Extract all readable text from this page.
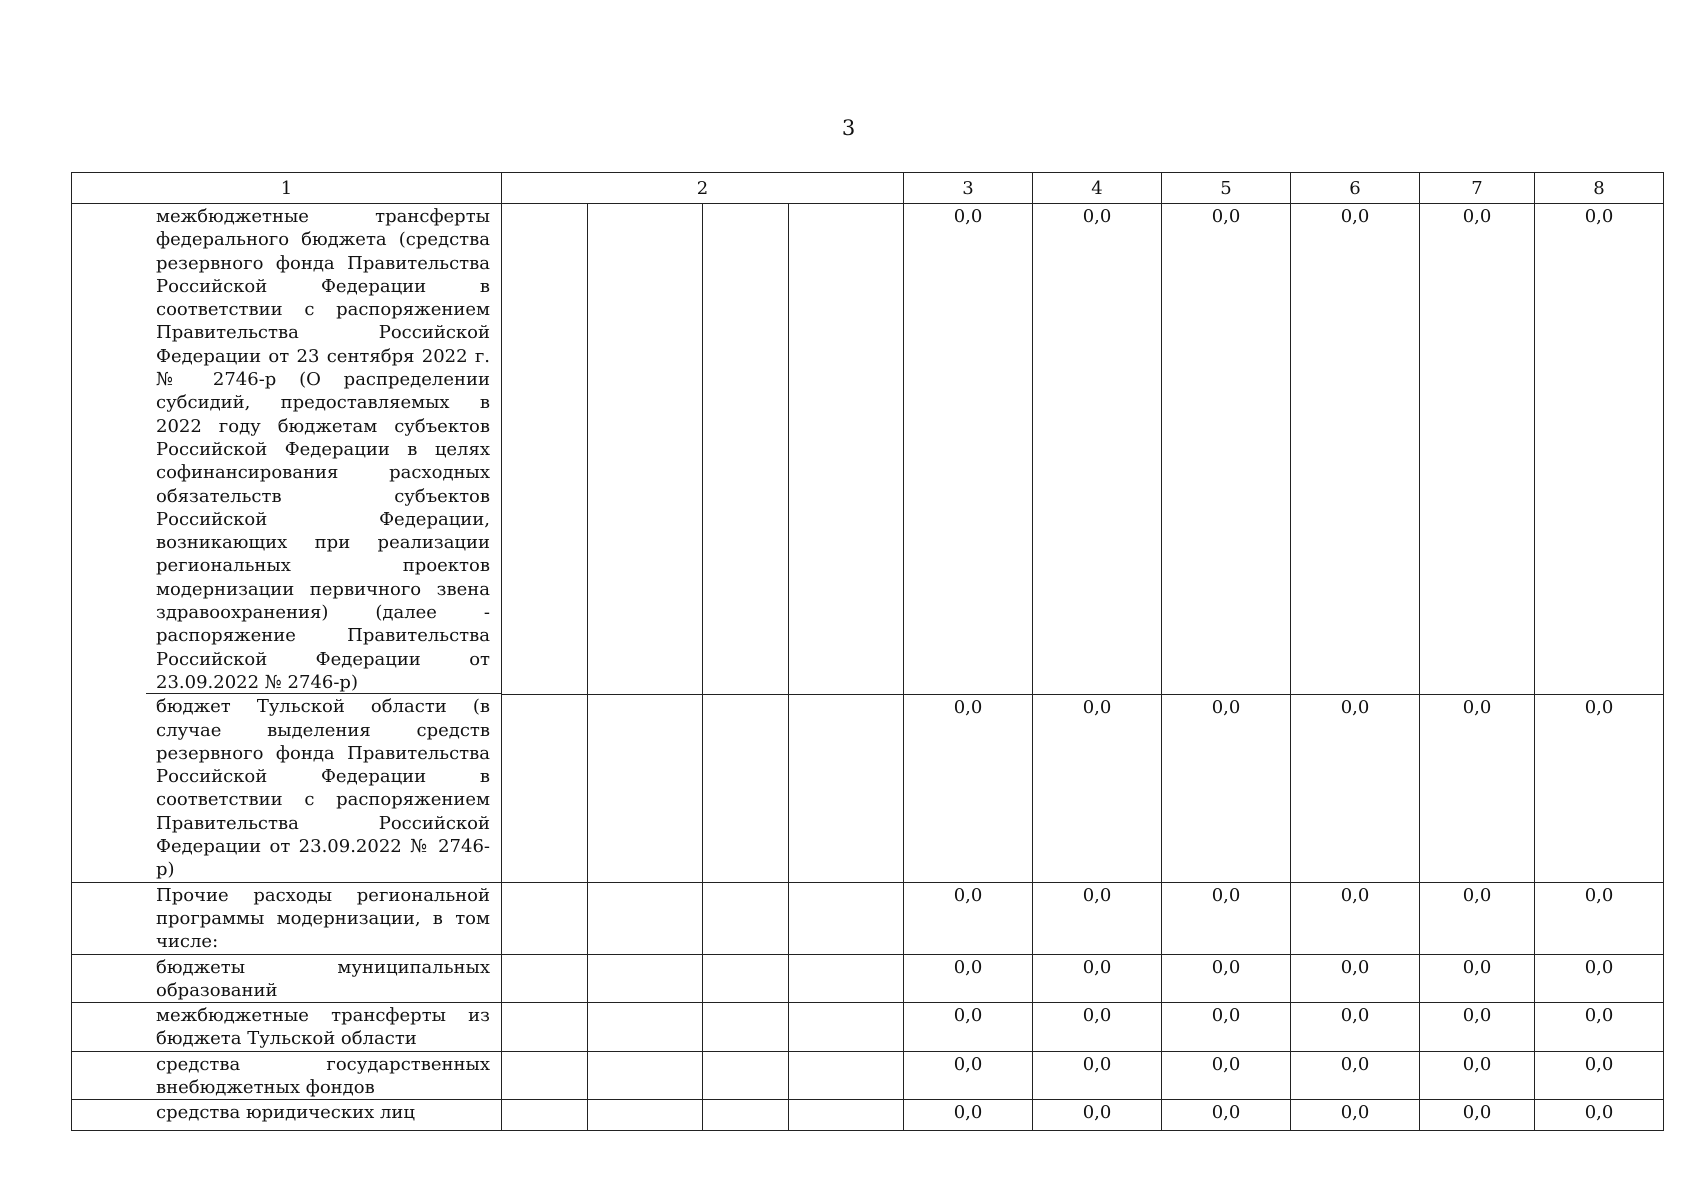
3
1	2				3	4	5	6	7	8

межбюджетные трансферты федерального бюджета (средства резервного фонда Правительства Российской Федерации в соответствии с распоряжением Правительства Российской Федерации от 23 сентября 2022 г. № 2746-р (О распределении субсидий, предоставляемых в 2022 году бюджетам субъектов Российской Федерации в целях софинансирования расходных обязательств субъектов Российской Федерации, возникающих при реализации региональных проектов модернизации первичного звена здравоохранения) (далее - распоряжение Правительства Российской Федерации от 23.09.2022 № 2746-р)					0,0	0,0	0,0	0,0	0,0	0,0

бюджет Тульской области (в случае выделения средств резервного фонда Правительства Российской Федерации в соответствии с распоряжением Правительства Российской Федерации от 23.09.2022 № 2746-р)					0,0	0,0	0,0	0,0	0,0	0,0

Прочие расходы региональной программы модернизации, в том числе:					0,0	0,0	0,0	0,0	0,0	0,0

бюджеты муниципальных образований					0,0	0,0	0,0	0,0	0,0	0,0

межбюджетные трансферты из бюджета Тульской области					0,0	0,0	0,0	0,0	0,0	0,0

средства государственных внебюджетных фондов					0,0	0,0	0,0	0,0	0,0	0,0

средства юридических лиц					0,0	0,0	0,0	0,0	0,0	0,0
